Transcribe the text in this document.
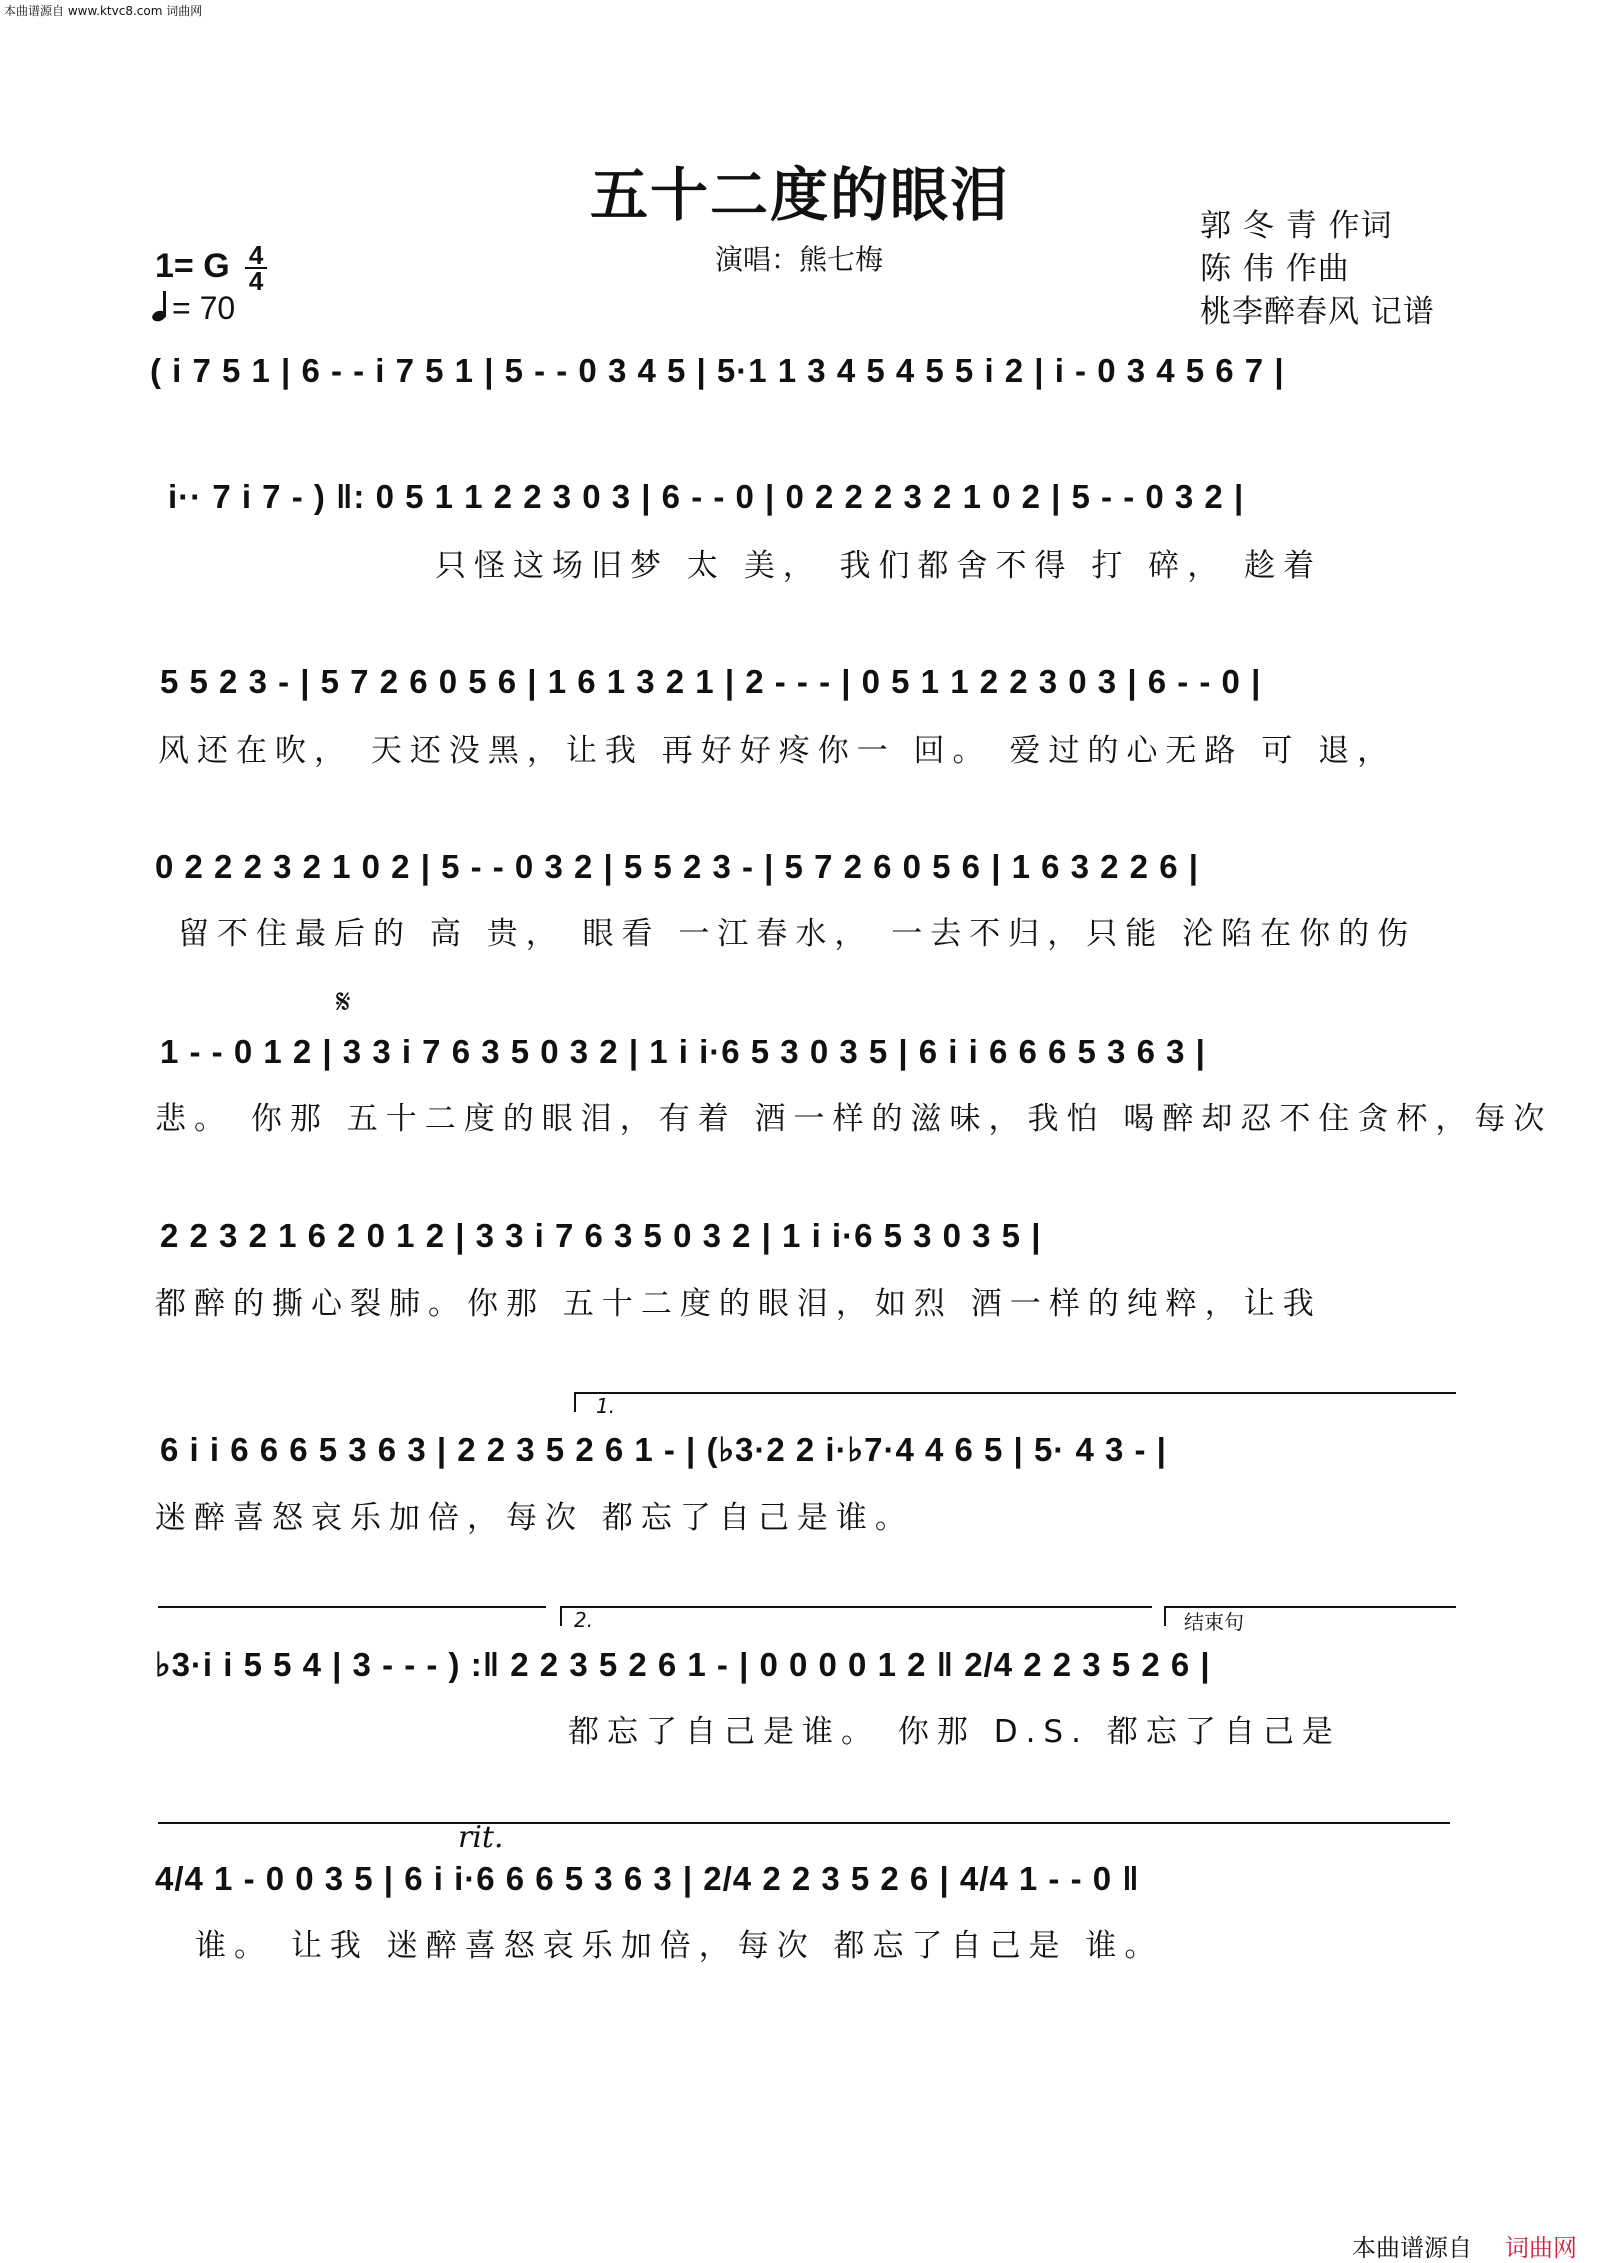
本曲谱源自 www.ktvc8.com 词曲网
五十二度的眼泪
演唱：熊七梅
郭 冬 青 作词
陈 伟 作曲
桃李醉春风 记谱
1= G $\frac{4}{4}$
= 70
( i 7 5 1 | 6 - - i 7 5 1 | 5 - - 0 3 4 5 | 5·1 1 3 4 5 4 5 5 i 2 | i - 0 3 4 5 6 7 |
i·· 7 i 7 - ) ‖: 0 5 1 1 2 2 3 0 3 | 6 - - 0 | 0 2 2 2 3 2 1 0 2 | 5 - - 0 3 2 |
只怪这场旧梦 太 美， 我们都舍不得 打 碎， 趁着
5 5 2 3 - | 5 7 2 6 0 5 6 | 1 6 1 3 2 1 | 2 - - - | 0 5 1 1 2 2 3 0 3 | 6 - - 0 |
风还在吹， 天还没黑，让我 再好好疼你一 回。 爱过的心无路 可 退，
0 2 2 2 3 2 1 0 2 | 5 - - 0 3 2 | 5 5 2 3 - | 5 7 2 6 0 5 6 | 1 6 3 2 2 6 |
留不住最后的 高 贵， 眼看 一江春水， 一去不归，只能 沦陷在你的伤
𝄋
1 - - 0 1 2 | 3 3 i 7 6 3 5 0 3 2 | 1 i i·6 5 3 0 3 5 | 6 i i 6 6 6 5 3 6 3 |
悲。 你那 五十二度的眼泪，有着 酒一样的滋味，我怕 喝醉却忍不住贪杯，每次
2 2 3 2 1 6 2 0 1 2 | 3 3 i 7 6 3 5 0 3 2 | 1 i i·6 5 3 0 3 5 |
都醉的撕心裂肺。你那 五十二度的眼泪，如烈 酒一样的纯粹，让我
1.
6 i i 6 6 6 5 3 6 3 | 2 2 3 5 2 6 1 - | (♭3·2 2 i·♭7·4 4 6 5 | 5· 4 3 - |
迷醉喜怒哀乐加倍，每次 都忘了自己是谁。
2.	结束句
♭3·i i 5 5 4 | 3 - - - ) :‖ 2 2 3 5 2 6 1 - | 0 0 0 0 1 2 ‖ 2/4 2 2 3 5 2 6 |
都忘了自己是谁。 你那 D.S. 都忘了自己是
rit.
4/4 1 - 0 0 3 5 | 6 i i·6 6 6 5 3 6 3 | 2/4 2 2 3 5 2 6 | 4/4 1 - - 0 ‖
谁。 让我 迷醉喜怒哀乐加倍，每次 都忘了自己是 谁。
本曲谱源自 词曲网
